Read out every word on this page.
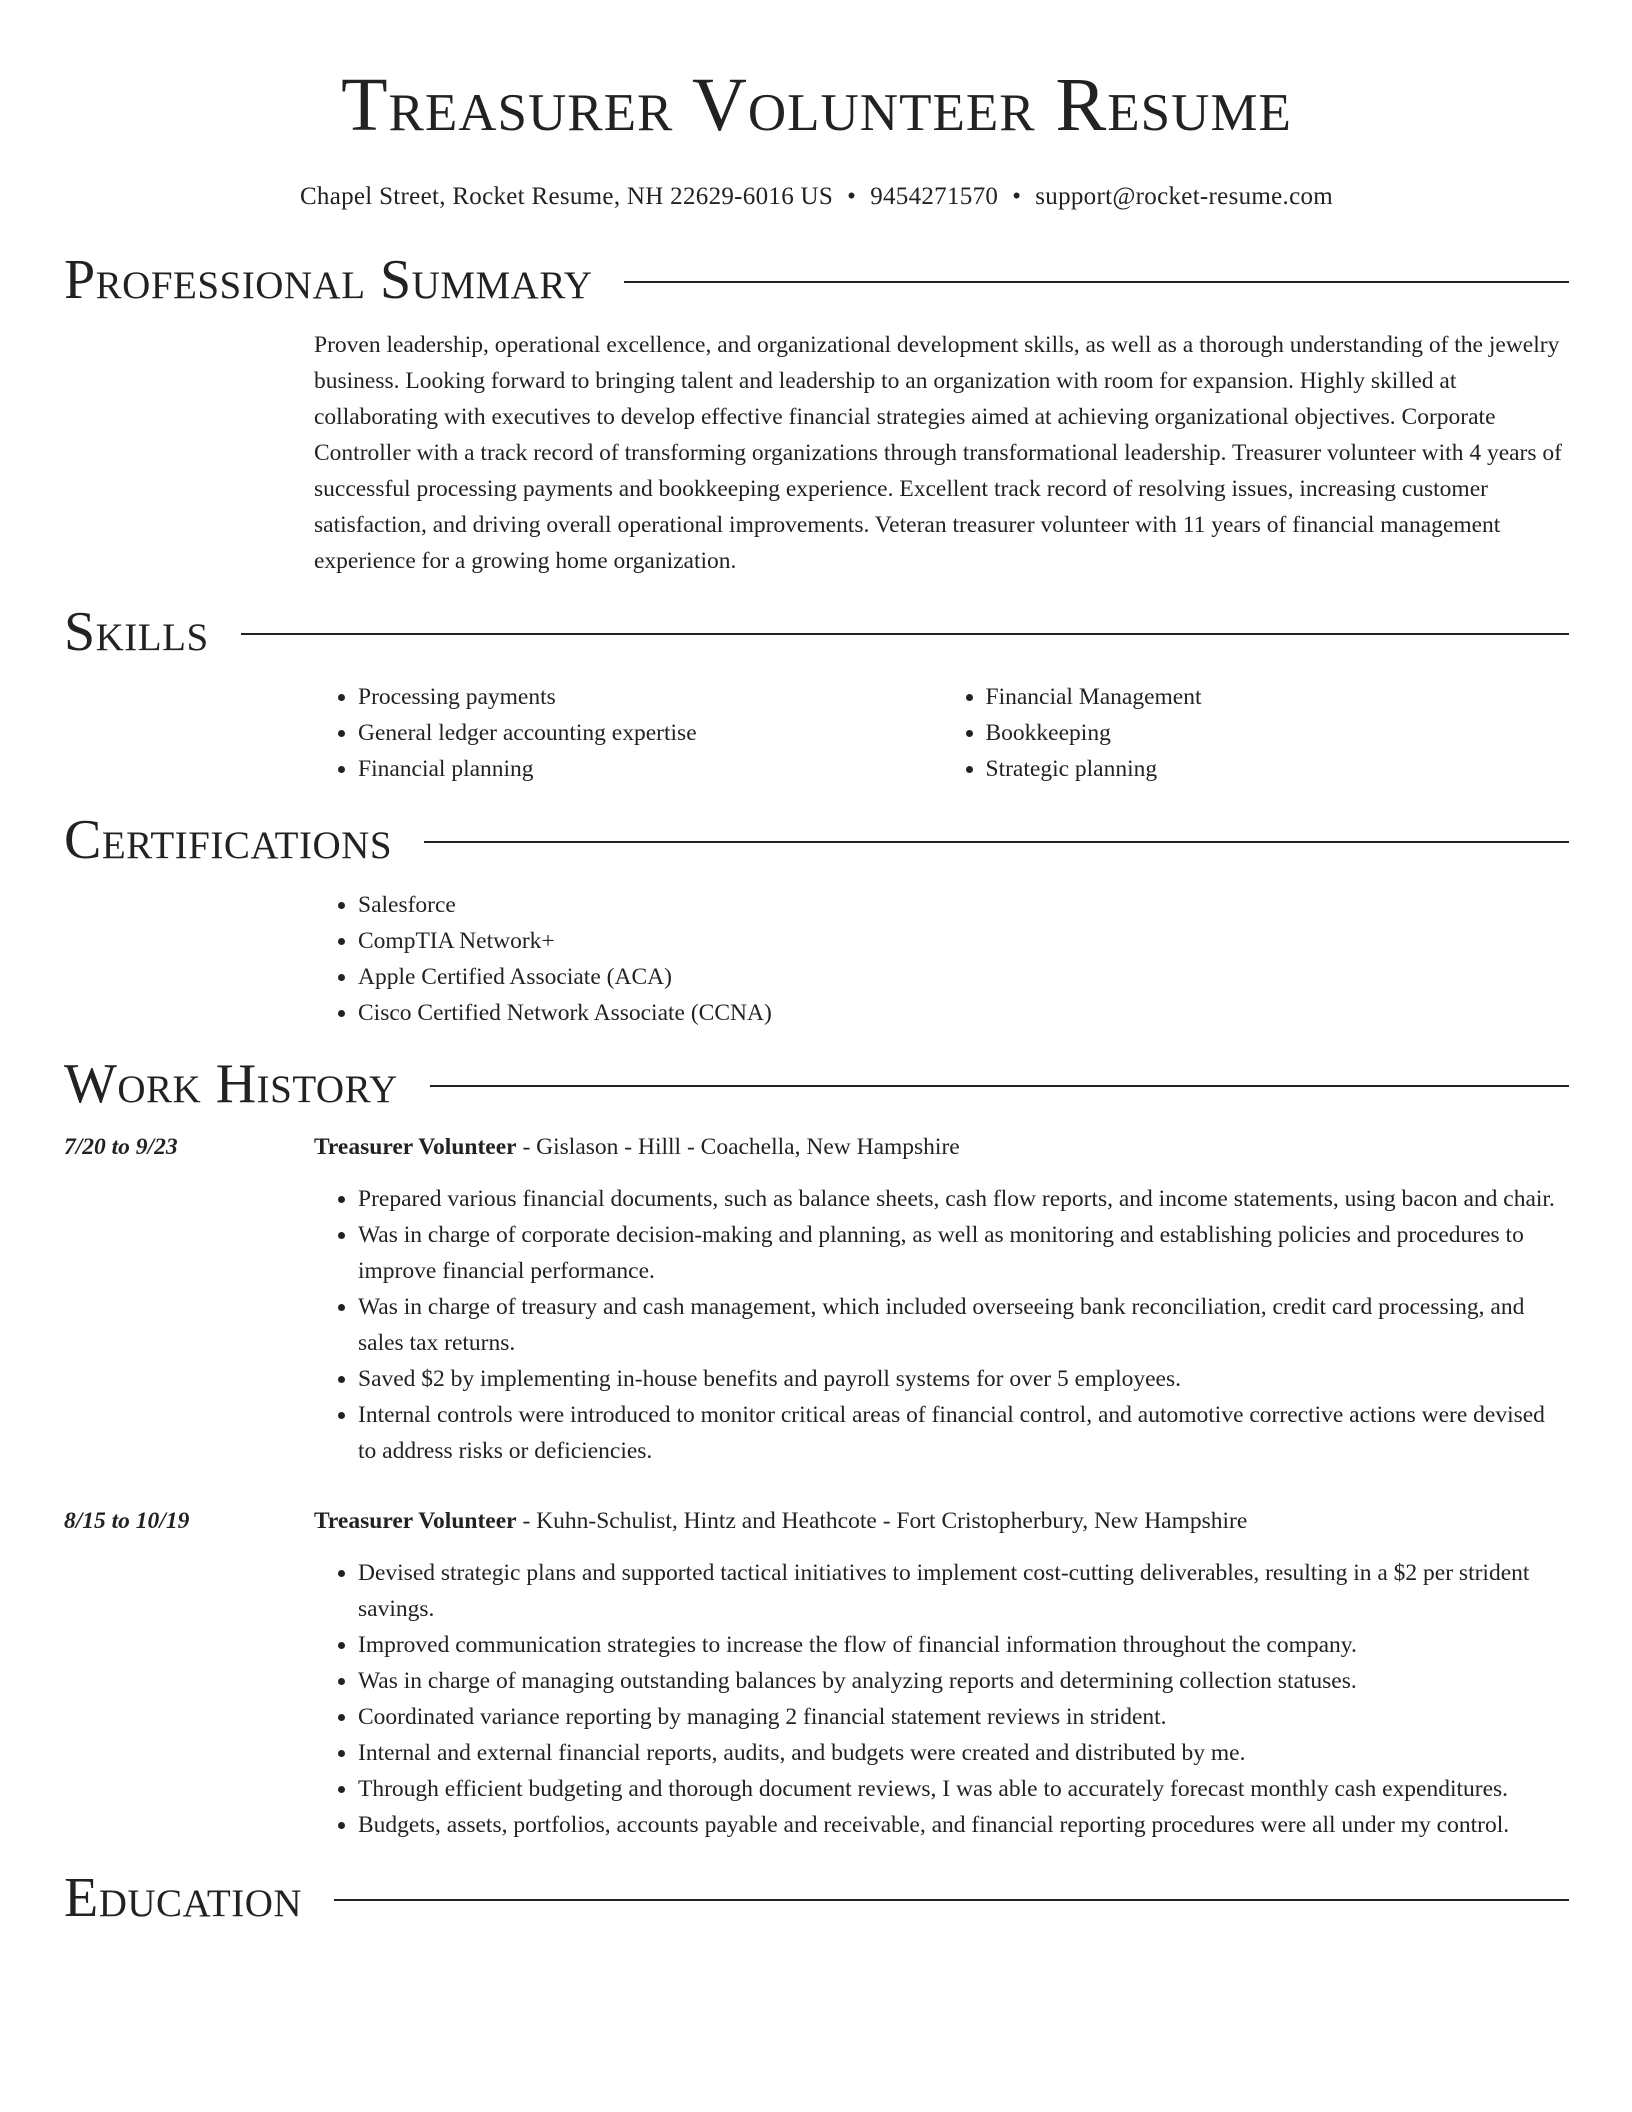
Treasurer Volunteer Resume
Chapel Street, Rocket Resume, NH 22629-6016 US • 9454271570 • support@rocket-resume.com
Professional Summary

Proven leadership, operational excellence, and organizational development skills, as well as a thorough understanding of the jewelry business. Looking forward to bringing talent and leadership to an organization with room for expansion. Highly skilled at collaborating with executives to develop effective financial strategies aimed at achieving organizational objectives. Corporate Controller with a track record of transforming organizations through transformational leadership. Treasurer volunteer with 4 years of successful processing payments and bookkeeping experience. Excellent track record of resolving issues, increasing customer satisfaction, and driving overall operational improvements. Veteran treasurer volunteer with 11 years of financial management experience for a growing home organization.

Skills
• Processing payments
• General ledger accounting expertise
• Financial planning
• Financial Management
• Bookkeeping
• Strategic planning
Certifications
• Salesforce
• CompTIA Network+
• Apple Certified Associate (ACA)
• Cisco Certified Network Associate (CCNA)
Work History
7/20 to 9/23	Treasurer Volunteer - Gislason - Hilll - Coachella, New Hampshire
• Prepared various financial documents, such as balance sheets, cash flow reports, and income statements, using bacon and chair.
• Was in charge of corporate decision-making and planning, as well as monitoring and establishing policies and procedures to improve financial performance.
• Was in charge of treasury and cash management, which included overseeing bank reconciliation, credit card processing, and sales tax returns.
• Saved $2 by implementing in-house benefits and payroll systems for over 5 employees.
• Internal controls were introduced to monitor critical areas of financial control, and automotive corrective actions were devised to address risks or deficiencies.
8/15 to 10/19	Treasurer Volunteer - Kuhn-Schulist, Hintz and Heathcote - Fort Cristopherbury, New Hampshire
• Devised strategic plans and supported tactical initiatives to implement cost-cutting deliverables, resulting in a $2 per strident savings.
• Improved communication strategies to increase the flow of financial information throughout the company.
• Was in charge of managing outstanding balances by analyzing reports and determining collection statuses.
• Coordinated variance reporting by managing 2 financial statement reviews in strident.
• Internal and external financial reports, audits, and budgets were created and distributed by me.
• Through efficient budgeting and thorough document reviews, I was able to accurately forecast monthly cash expenditures.
• Budgets, assets, portfolios, accounts payable and receivable, and financial reporting procedures were all under my control.
Education
